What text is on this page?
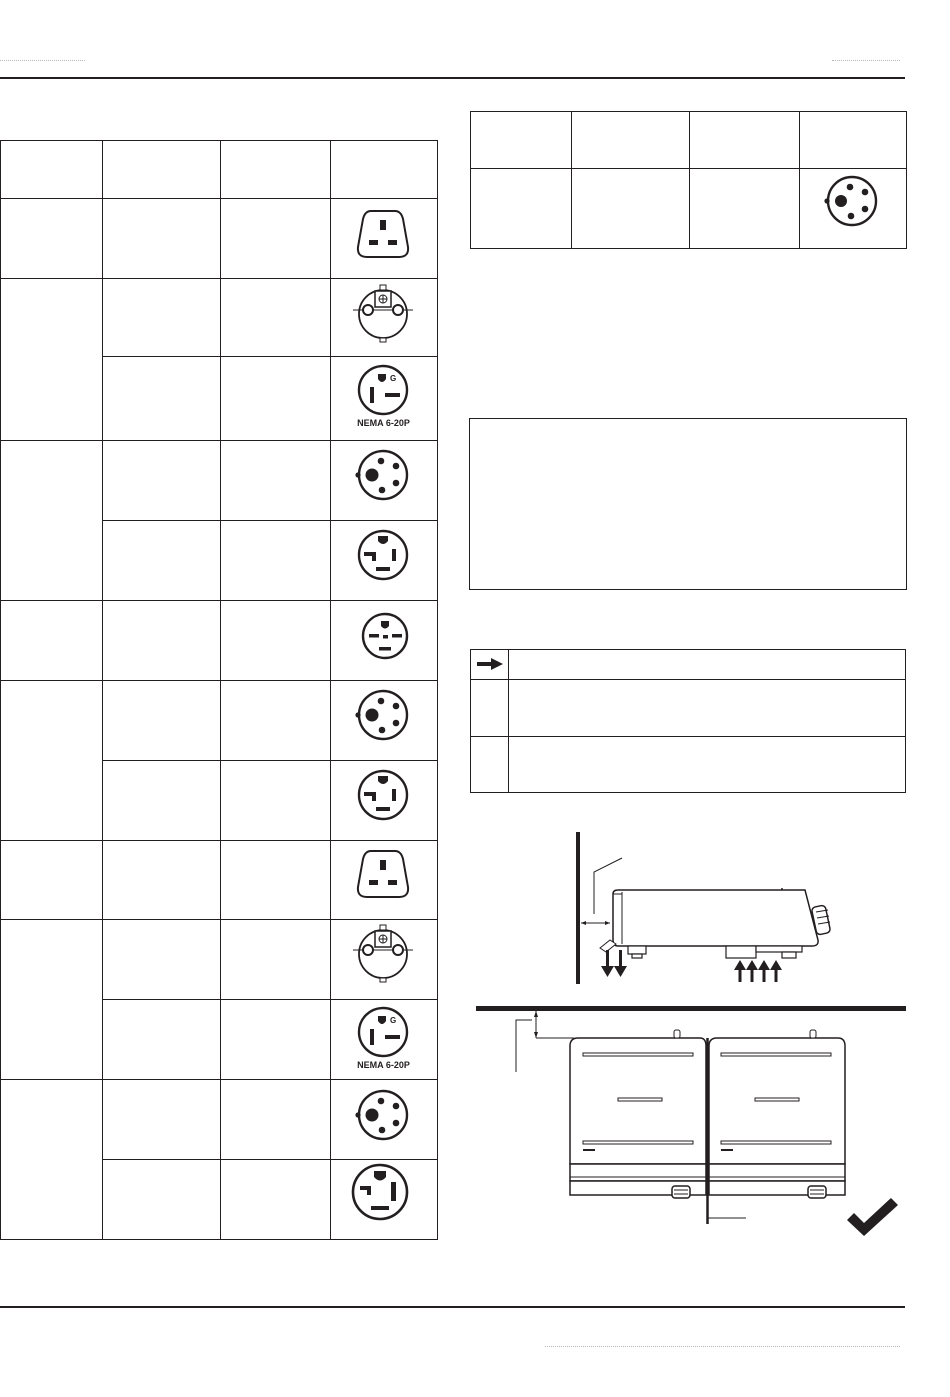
G
NEMA 6-20P
G
NEMA 6-20P
